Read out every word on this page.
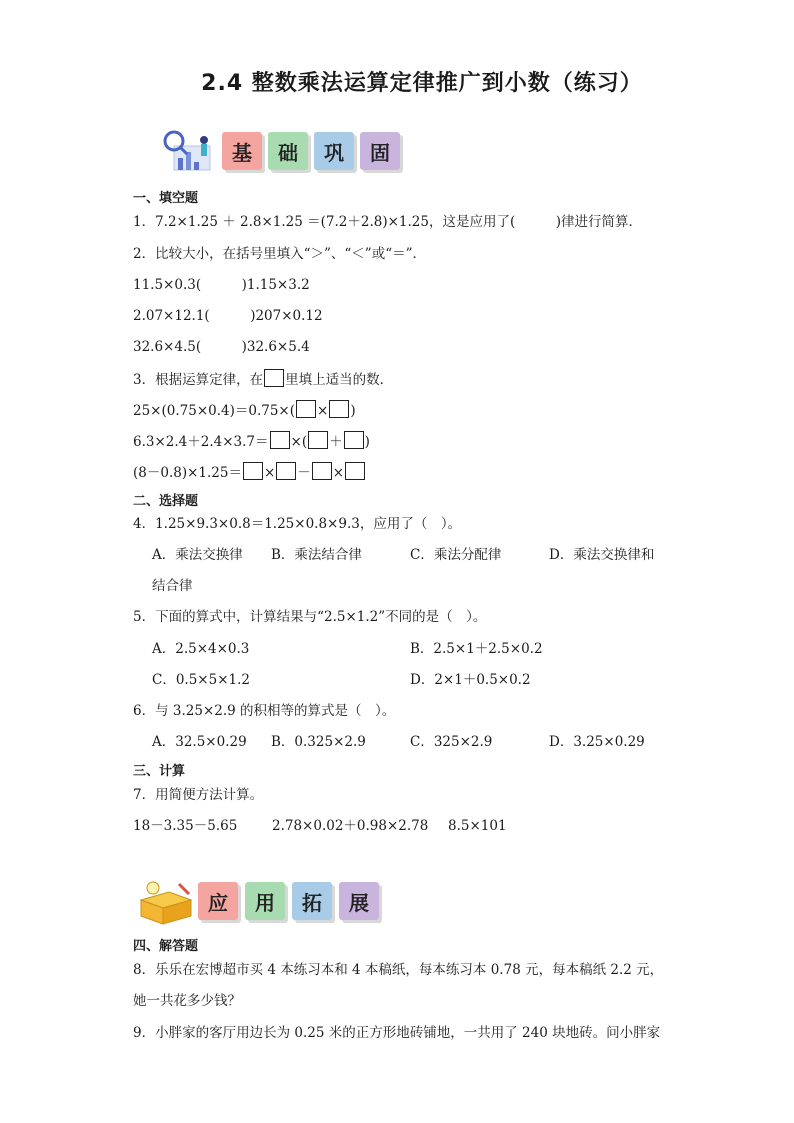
2.4 整数乘法运算定律推广到小数（练习）
基	础	巩	固
一、填空题
1．7.2×1.25 ＋ 2.8×1.25 ＝(7.2＋2.8)×1.25，这是应用了(　　　)律进行简算．
2．比较大小，在括号里填入“＞”、“＜”或“＝”．
11.5×0.3(　　　)1.15×3.2
2.07×12.1(　　　)207×0.12
32.6×4.5(　　　)32.6×5.4
3．根据运算定律，在 里填上适当的数．
25×(0.75×0.4)＝0.75×( × )
6.3×2.4＋2.4×3.7＝ ×( ＋ )
(8－0.8)×1.25＝ × － ×
二、选择题
4．1.25×9.3×0.8＝1.25×0.8×9.3，应用了（　）。
A．乘法交换律 B．乘法结合律	C．乘法分配律	D．乘法交换律和
结合律
5．下面的算式中，计算结果与“2.5×1.2”不同的是（　）。
A．2.5×4×0.3	B．2.5×1＋2.5×0.2
C．0.5×5×1.2	D．2×1＋0.5×0.2
6．与 3.25×2.9 的积相等的算式是（　）。
A．32.5×0.29 B．0.325×2.9	C．325×2.9	D．3.25×0.29
三、计算
7．用简便方法计算。
18－3.35－5.65	2.78×0.02＋0.98×2.78 8.5×101
应	用	拓	展
四、解答题
8．乐乐在宏博超市买 4 本练习本和 4 本稿纸，每本练习本 0.78 元，每本稿纸 2.2 元，
她一共花多少钱？
9．小胖家的客厅用边长为 0.25 米的正方形地砖铺地，一共用了 240 块地砖。问小胖家
